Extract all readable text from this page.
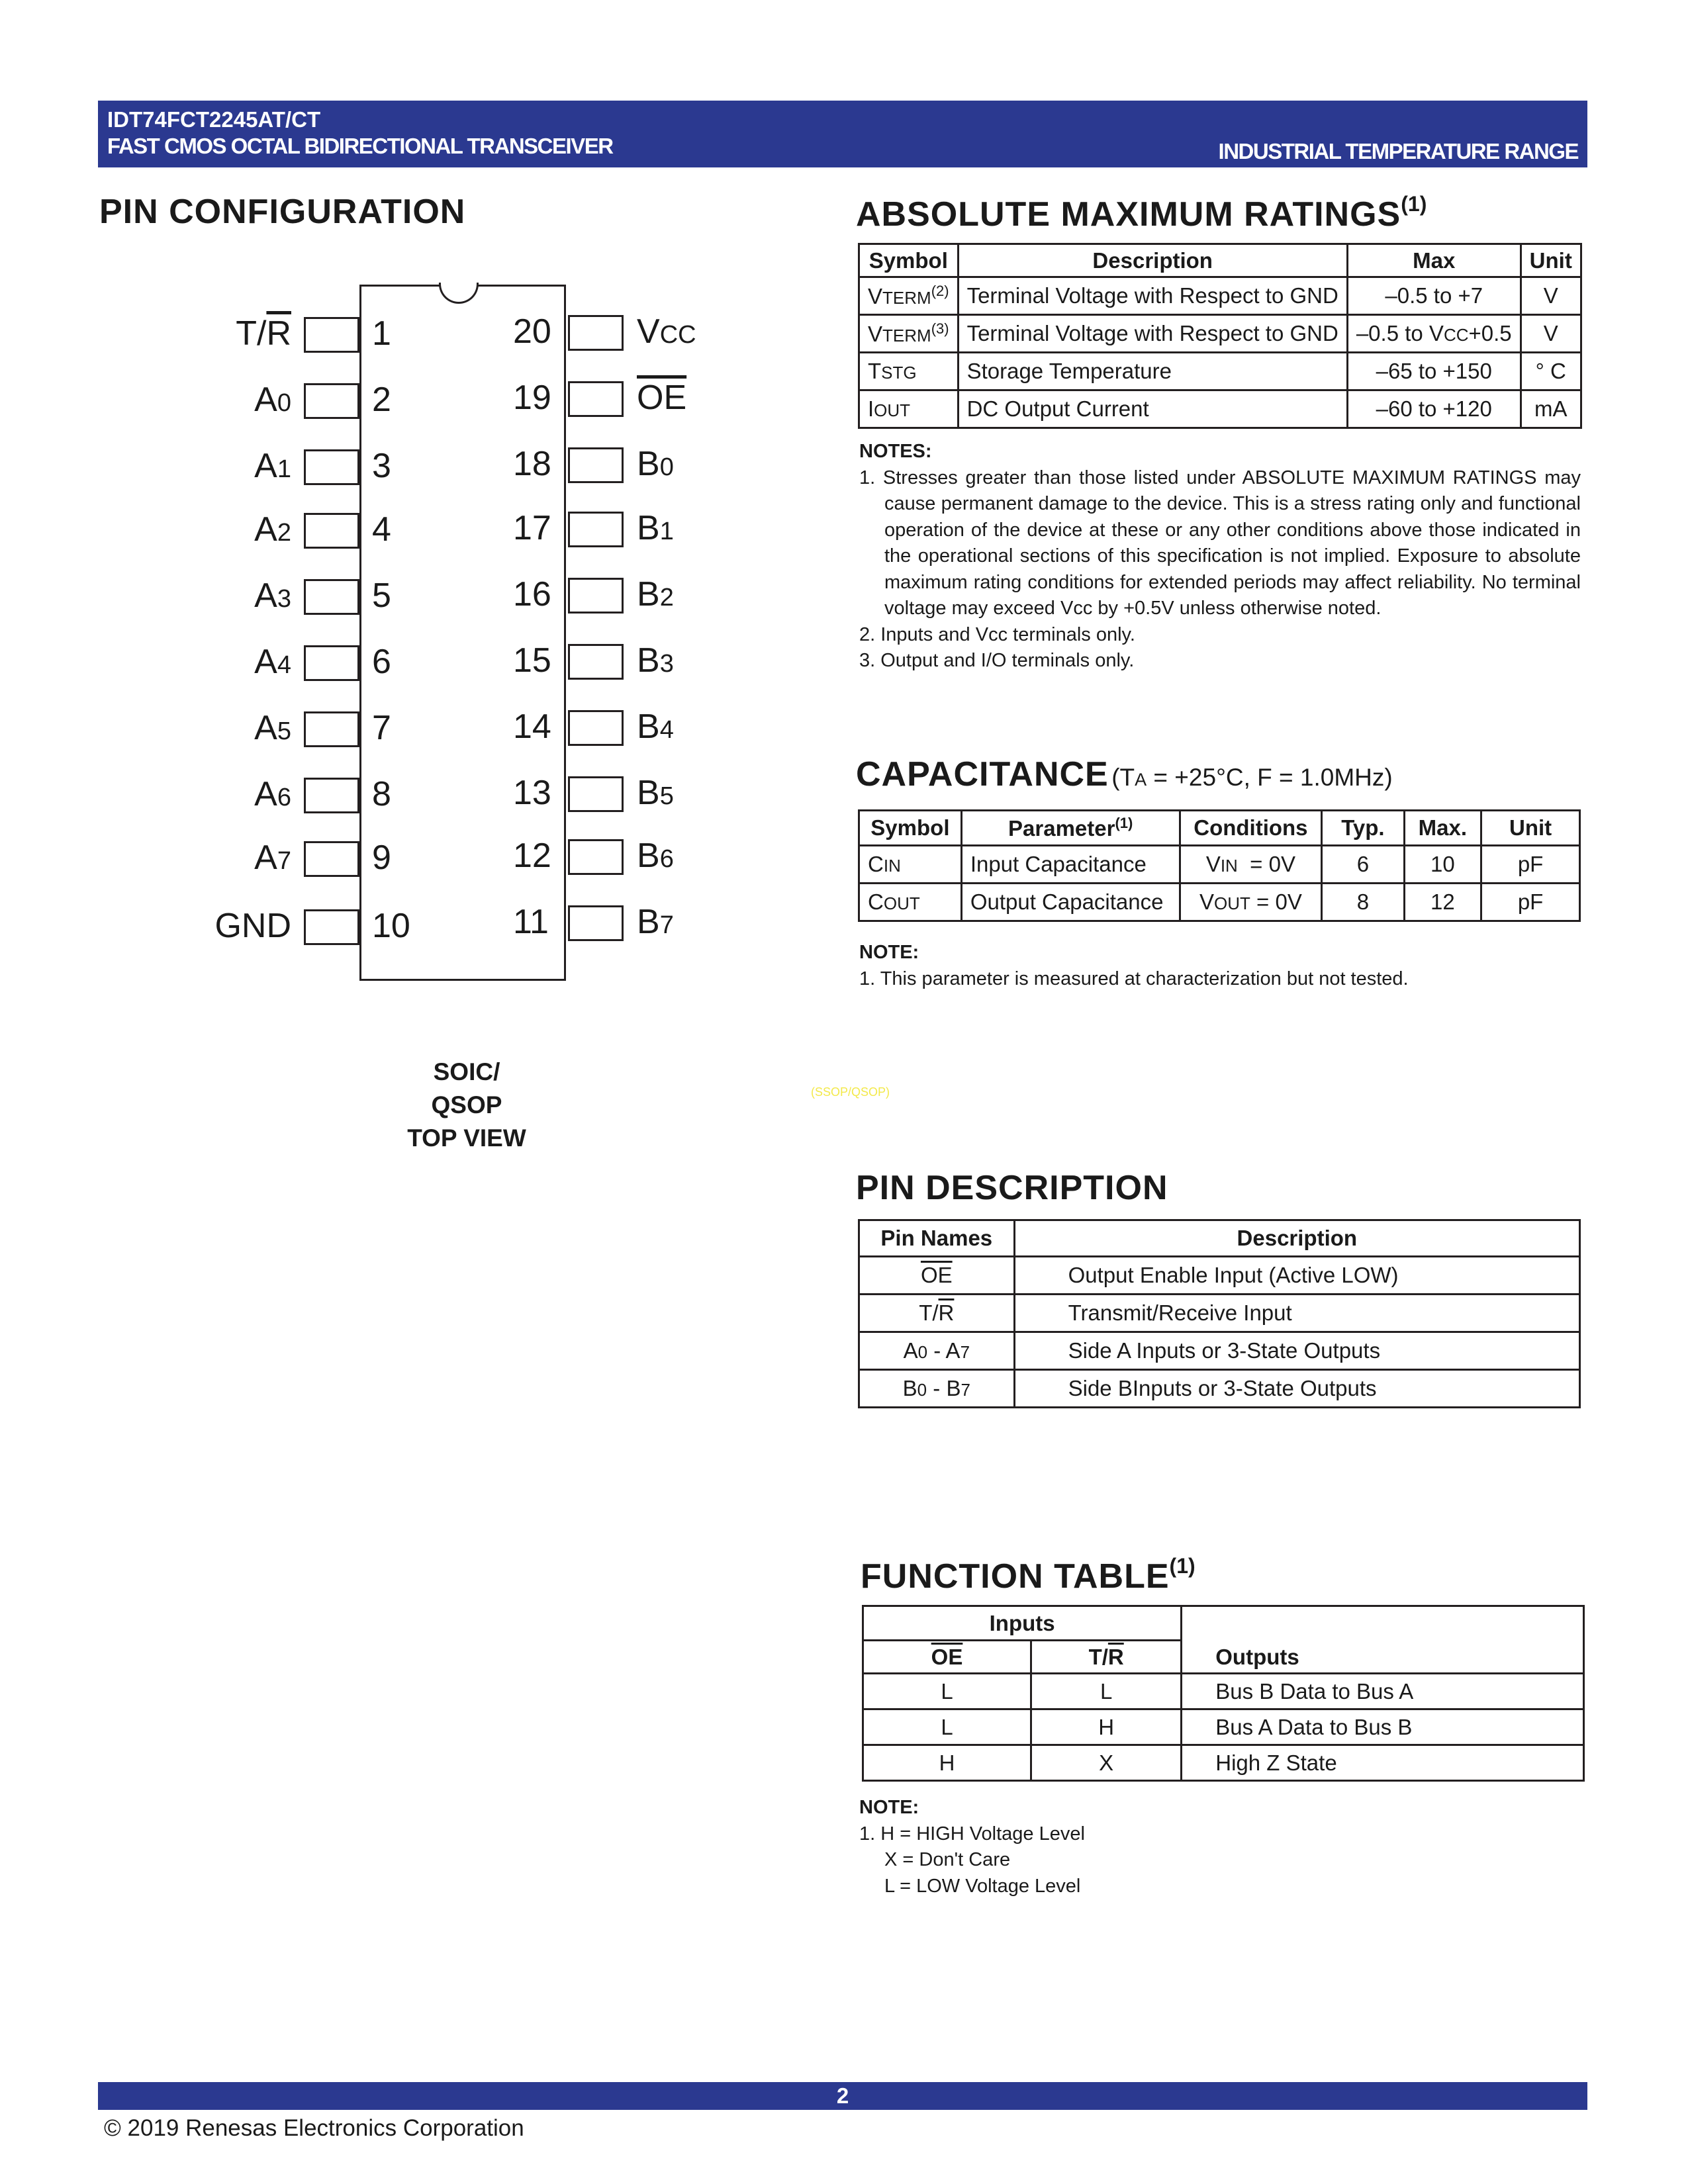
IDT74FCT2245AT/CT
FAST CMOS OCTAL BIDIRECTIONAL TRANSCEIVER	INDUSTRIAL TEMPERATURE RANGE
PIN CONFIGURATION
SOIC/ QSOP
TOP VIEW
(SSOP/QSOP)
ABSOLUTE MAXIMUM RATINGS$^{(1)}$
Symbol	Description	Max	Unit
VTERM$^{(2)}$	Terminal Voltage with Respect to GND	–0.5 to +7	V
VTERM$^{(3)}$	Terminal Voltage with Respect to GND	–0.5 to VCC+0.5	V
TSTG	Storage Temperature	–65 to +150	° C
IOUT	DC Output Current	–60 to +120	mA

NOTES:

1. Stresses greater than those listed under ABSOLUTE MAXIMUM RATINGS may cause permanent damage to the device. This is a stress rating only and functional operation of the device at these or any other conditions above those indicated in the operational sections of this specification is not implied. Exposure to absolute maximum rating conditions for extended periods may affect reliability. No terminal voltage may exceed Vcc by +0.5V unless otherwise noted.

2. Inputs and Vcc terminals only.

3. Output and I/O terminals only.

CAPACITANCE (TA = +25°C, F = 1.0MHz)
Symbol	Parameter$^{(1)}$	Conditions	Typ.	Max.	Unit
CIN	Input Capacitance	VIN  = 0V	6	10	pF
COUT	Output Capacitance	VOUT = 0V	8	12	pF

NOTE:

1. This parameter is measured at characterization but not tested.

PIN DESCRIPTION
Pin Names	Description
$\overline{OE}$	Output Enable Input (Active LOW)
$T/\overline{R}$	Transmit/Receive Input
A0 - A7	Side A Inputs or 3-State Outputs
B0 - B7	Side BInputs or 3-State Outputs
FUNCTION TABLE$^{(1)}$
Inputs		Outputs
$\overline{OE}$	$T/\overline{R}$
L	L	Bus B Data to Bus A
L	H	Bus A Data to Bus B
H	X	High Z State

NOTE:

1. H = HIGH Voltage Level

X = Don't Care

L = LOW Voltage Level

2
© 2019 Renesas Electronics Corporation
$T/\overline{R}$
A0
A1
A2
A3
A4
A5
A6
A7
GND
VCC
$\overline{OE}$
B0
B1
B2
B3
B4
B5
B6
B7
1
2
3
4
5
6
7
8
9
10
20
19
18
17
16
15
14
13
12
11
